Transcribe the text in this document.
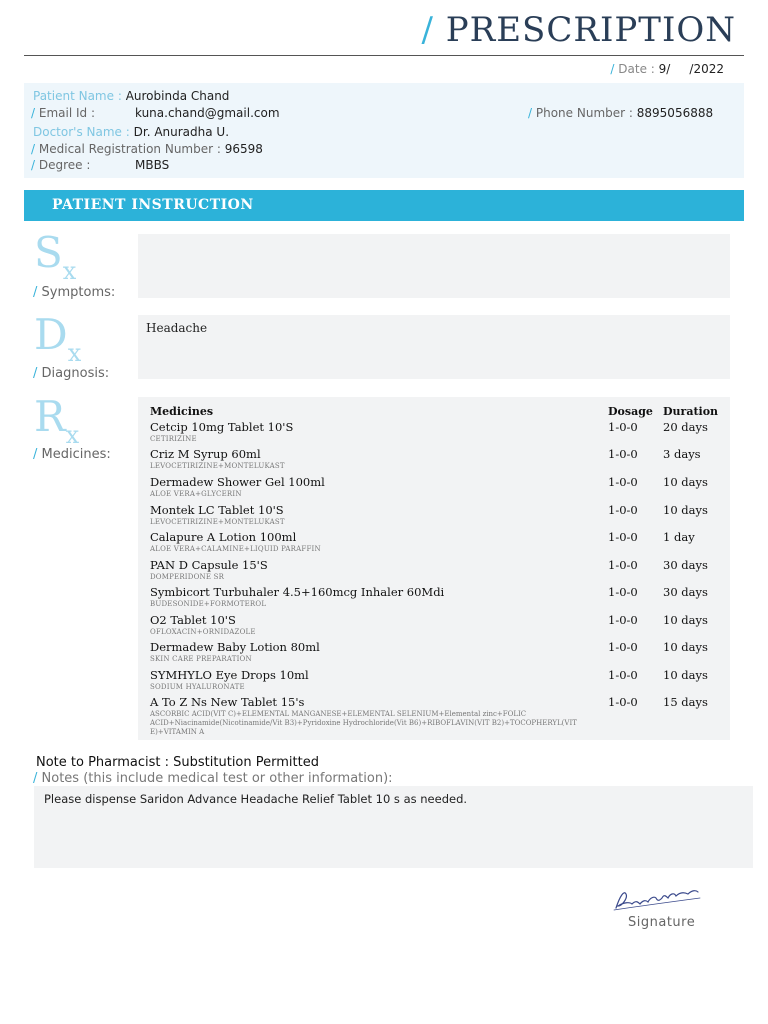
/ PRESCRIPTION
/ Date : 9/ /2022
Patient Name : Aurobinda Chand
/ Email Id :	kuna.chand@gmail.com	/ Phone Number : 8895056888
Doctor's Name : Dr. Anuradha U.
/ Medical Registration Number : 96598
/ Degree :	MBBS
PATIENT INSTRUCTION
$S_x$
/ Symptoms:
$D_x$
/ Diagnosis:
Headache
$R_x$
/ Medicines:
Medicines	Dosage Duration
Cetcip 10mg Tablet 10'S
CETIRIZINE
1-0-0 20 days
Criz M Syrup 60ml
LEVOCETIRIZINE+MONTELUKAST
1-0-0 3 days
Dermadew Shower Gel 100ml
ALOE VERA+GLYCERIN
1-0-0 10 days
Montek LC Tablet 10'S
LEVOCETIRIZINE+MONTELUKAST
1-0-0 10 days
Calapure A Lotion 100ml
ALOE VERA+CALAMINE+LIQUID PARAFFIN
1-0-0 1 day
PAN D Capsule 15'S
DOMPERIDONE SR
1-0-0 30 days
Symbicort Turbuhaler 4.5+160mcg Inhaler 60Mdi
BUDESONIDE+FORMOTEROL
1-0-0 30 days
O2 Tablet 10'S
OFLOXACIN+ORNIDAZOLE
1-0-0 10 days
Dermadew Baby Lotion 80ml
SKIN CARE PREPARATION
1-0-0 10 days
SYMHYLO Eye Drops 10ml
SODIUM HYALURONATE
1-0-0 10 days
A To Z Ns New Tablet 15's
ASCORBIC ACID(VIT C)+ELEMENTAL MANGANESE+ELEMENTAL SELENIUM+Elemental zinc+FOLIC ACID+Niacinamide(Nicotinamide/Vit B3)+Pyridoxine Hydrochloride(Vit B6)+RIBOFLAVIN(VIT B2)+TOCOPHERYL(VIT E)+VITAMIN A
1-0-0 15 days
Note to Pharmacist : Substitution Permitted
/ Notes (this include medical test or other information):
Please dispense Saridon Advance Headache Relief Tablet 10 s as needed.
Signature
